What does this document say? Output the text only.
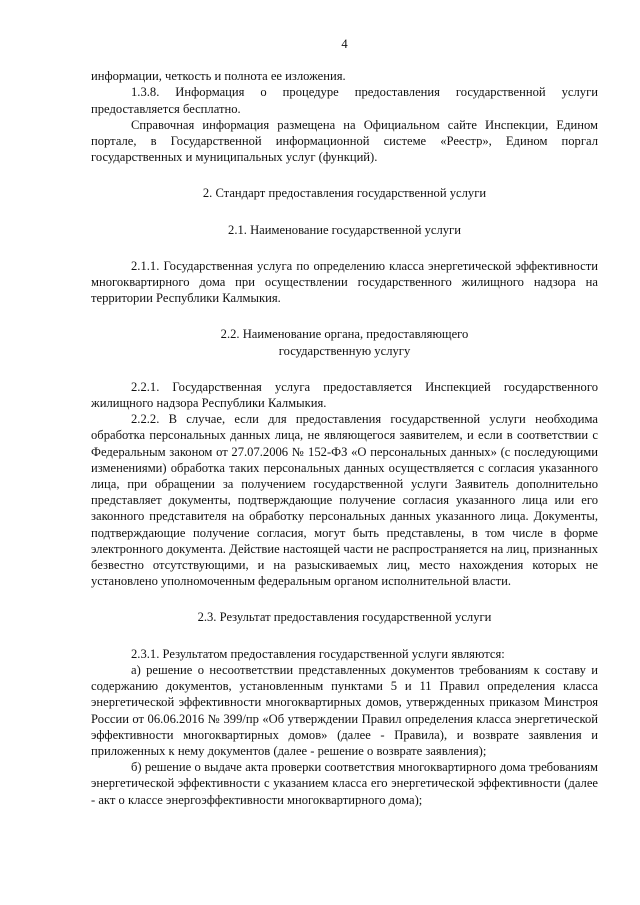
4

информации, четкость и полнота ее изложения.

1.3.8. Информация о процедуре предоставления государственной услуги предоставляется бесплатно.

Справочная информация размещена на Официальном сайте Инспекции, Едином портале, в Государственной информационной системе «Реестр», Едином поргал государственных и муниципальных услуг (функций).

2. Стандарт предоставления государственной услуги
2.1. Наименование государственной услуги

2.1.1. Государственная услуга по определению класса энергетической эффективности многоквартирного дома при осуществлении государственного жилищного надзора на территории Республики Калмыкия.

2.2. Наименование органа, предоставляющего
государственную услугу

2.2.1. Государственная услуга предоставляется Инспекцией государственного жилищного надзора Республики Калмыкия.

2.2.2. В случае, если для предоставления государственной услуги необходима обработка персональных данных лица, не являющегося заявителем, и если в соответствии с Федеральным законом от 27.07.2006 № 152-ФЗ «О персональных данных» (с последующими изменениями) обработка таких персональных данных осуществляется с согласия указанного лица, при обращении за получением государственной услуги Заявитель дополнительно представляет документы, подтверждающие получение согласия указанного лица или его законного представителя на обработку персональных данных указанного лица. Документы, подтверждающие получение согласия, могут быть представлены, в том числе в форме электронного документа. Действие настоящей части не распространяется на лиц, признанных безвестно отсутствующими, и на разыскиваемых лиц, место нахождения которых не установлено уполномоченным федеральным органом исполнительной власти.

2.3. Результат предоставления государственной услуги

2.3.1. Результатом предоставления государственной услуги являются:

а) решение о несоответствии представленных документов требованиям к составу и содержанию документов, установленным пунктами 5 и 11 Правил определения класса энергетической эффективности многоквартирных домов, утвержденных приказом Минстроя России от 06.06.2016 № 399/пр «Об утверждении Правил определения класса энергетической эффективности многоквартирных домов» (далее - Правила), и возврате заявления и приложенных к нему документов (далее - решение о возврате заявления);

б) решение о выдаче акта проверки соответствия многоквартирного дома требованиям энергетической эффективности с указанием класса его энергетической эффективности (далее - акт о классе энергоэффективности многоквартирного дома);
